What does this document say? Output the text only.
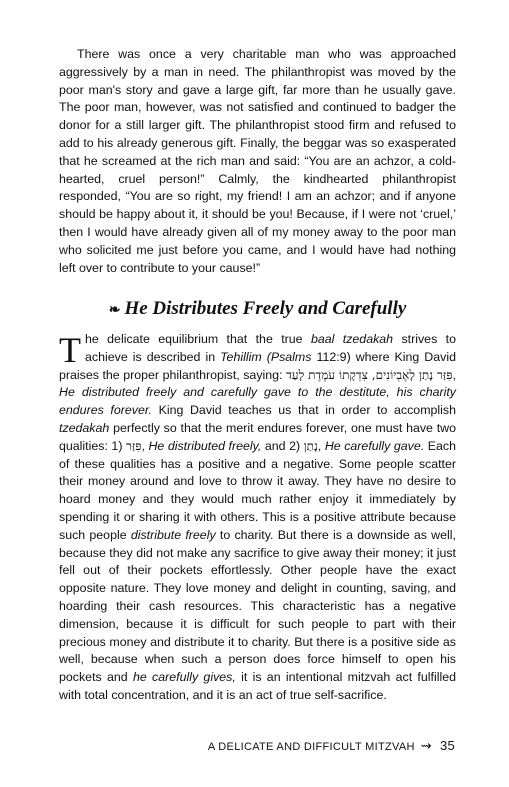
There was once a very charitable man who was approached aggressively by a man in need. The philanthropist was moved by the poor man's story and gave a large gift, far more than he usually gave. The poor man, however, was not satisfied and continued to badger the donor for a still larger gift. The philanthropist stood firm and refused to add to his already generous gift. Finally, the beggar was so exasperated that he screamed at the rich man and said: “You are an achzor, a cold-hearted, cruel person!” Calmly, the kindhearted philanthropist responded, “You are so right, my friend! I am an achzor; and if anyone should be happy about it, it should be you! Because, if I were not ‘cruel,’ then I would have already given all of my money away to the poor man who solicited me just before you came, and I would have had nothing left over to contribute to your cause!”

❧ He Distributes Freely and Carefully
The delicate equilibrium that the true baal tzedakah strives to achieve is described in Tehillim (Psalms 112:9) where King David praises the proper philanthropist, saying: פִּזַּר נָתַן לָאֶבְיוֹנִים, צִדְקָתוֹ עֹמֶדֶת לָעַד, He distributed freely and carefully gave to the destitute, his charity endures forever. King David teaches us that in order to accomplish tzedakah perfectly so that the merit endures forever, one must have two qualities: 1) פִּזַּר, He distributed freely, and 2) נָתַן, He carefully gave. Each of these qualities has a positive and a negative. Some people scatter their money around and love to throw it away. They have no desire to hoard money and they would much rather enjoy it immediately by spending it or sharing it with others. This is a positive attribute because such people distribute freely to charity. But there is a downside as well, because they did not make any sacrifice to give away their money; it just fell out of their pockets effortlessly. Other people have the exact opposite nature. They love money and delight in counting, saving, and hoarding their cash resources. This characteristic has a negative dimension, because it is difficult for such people to part with their precious money and distribute it to charity. But there is a positive side as well, because when such a person does force himself to open his pockets and he carefully gives, it is an intentional mitzvah act fulfilled with total concentration, and it is an act of true self-sacrifice.
A DELICATE AND DIFFICULT MITZVAH ⇝ 35
